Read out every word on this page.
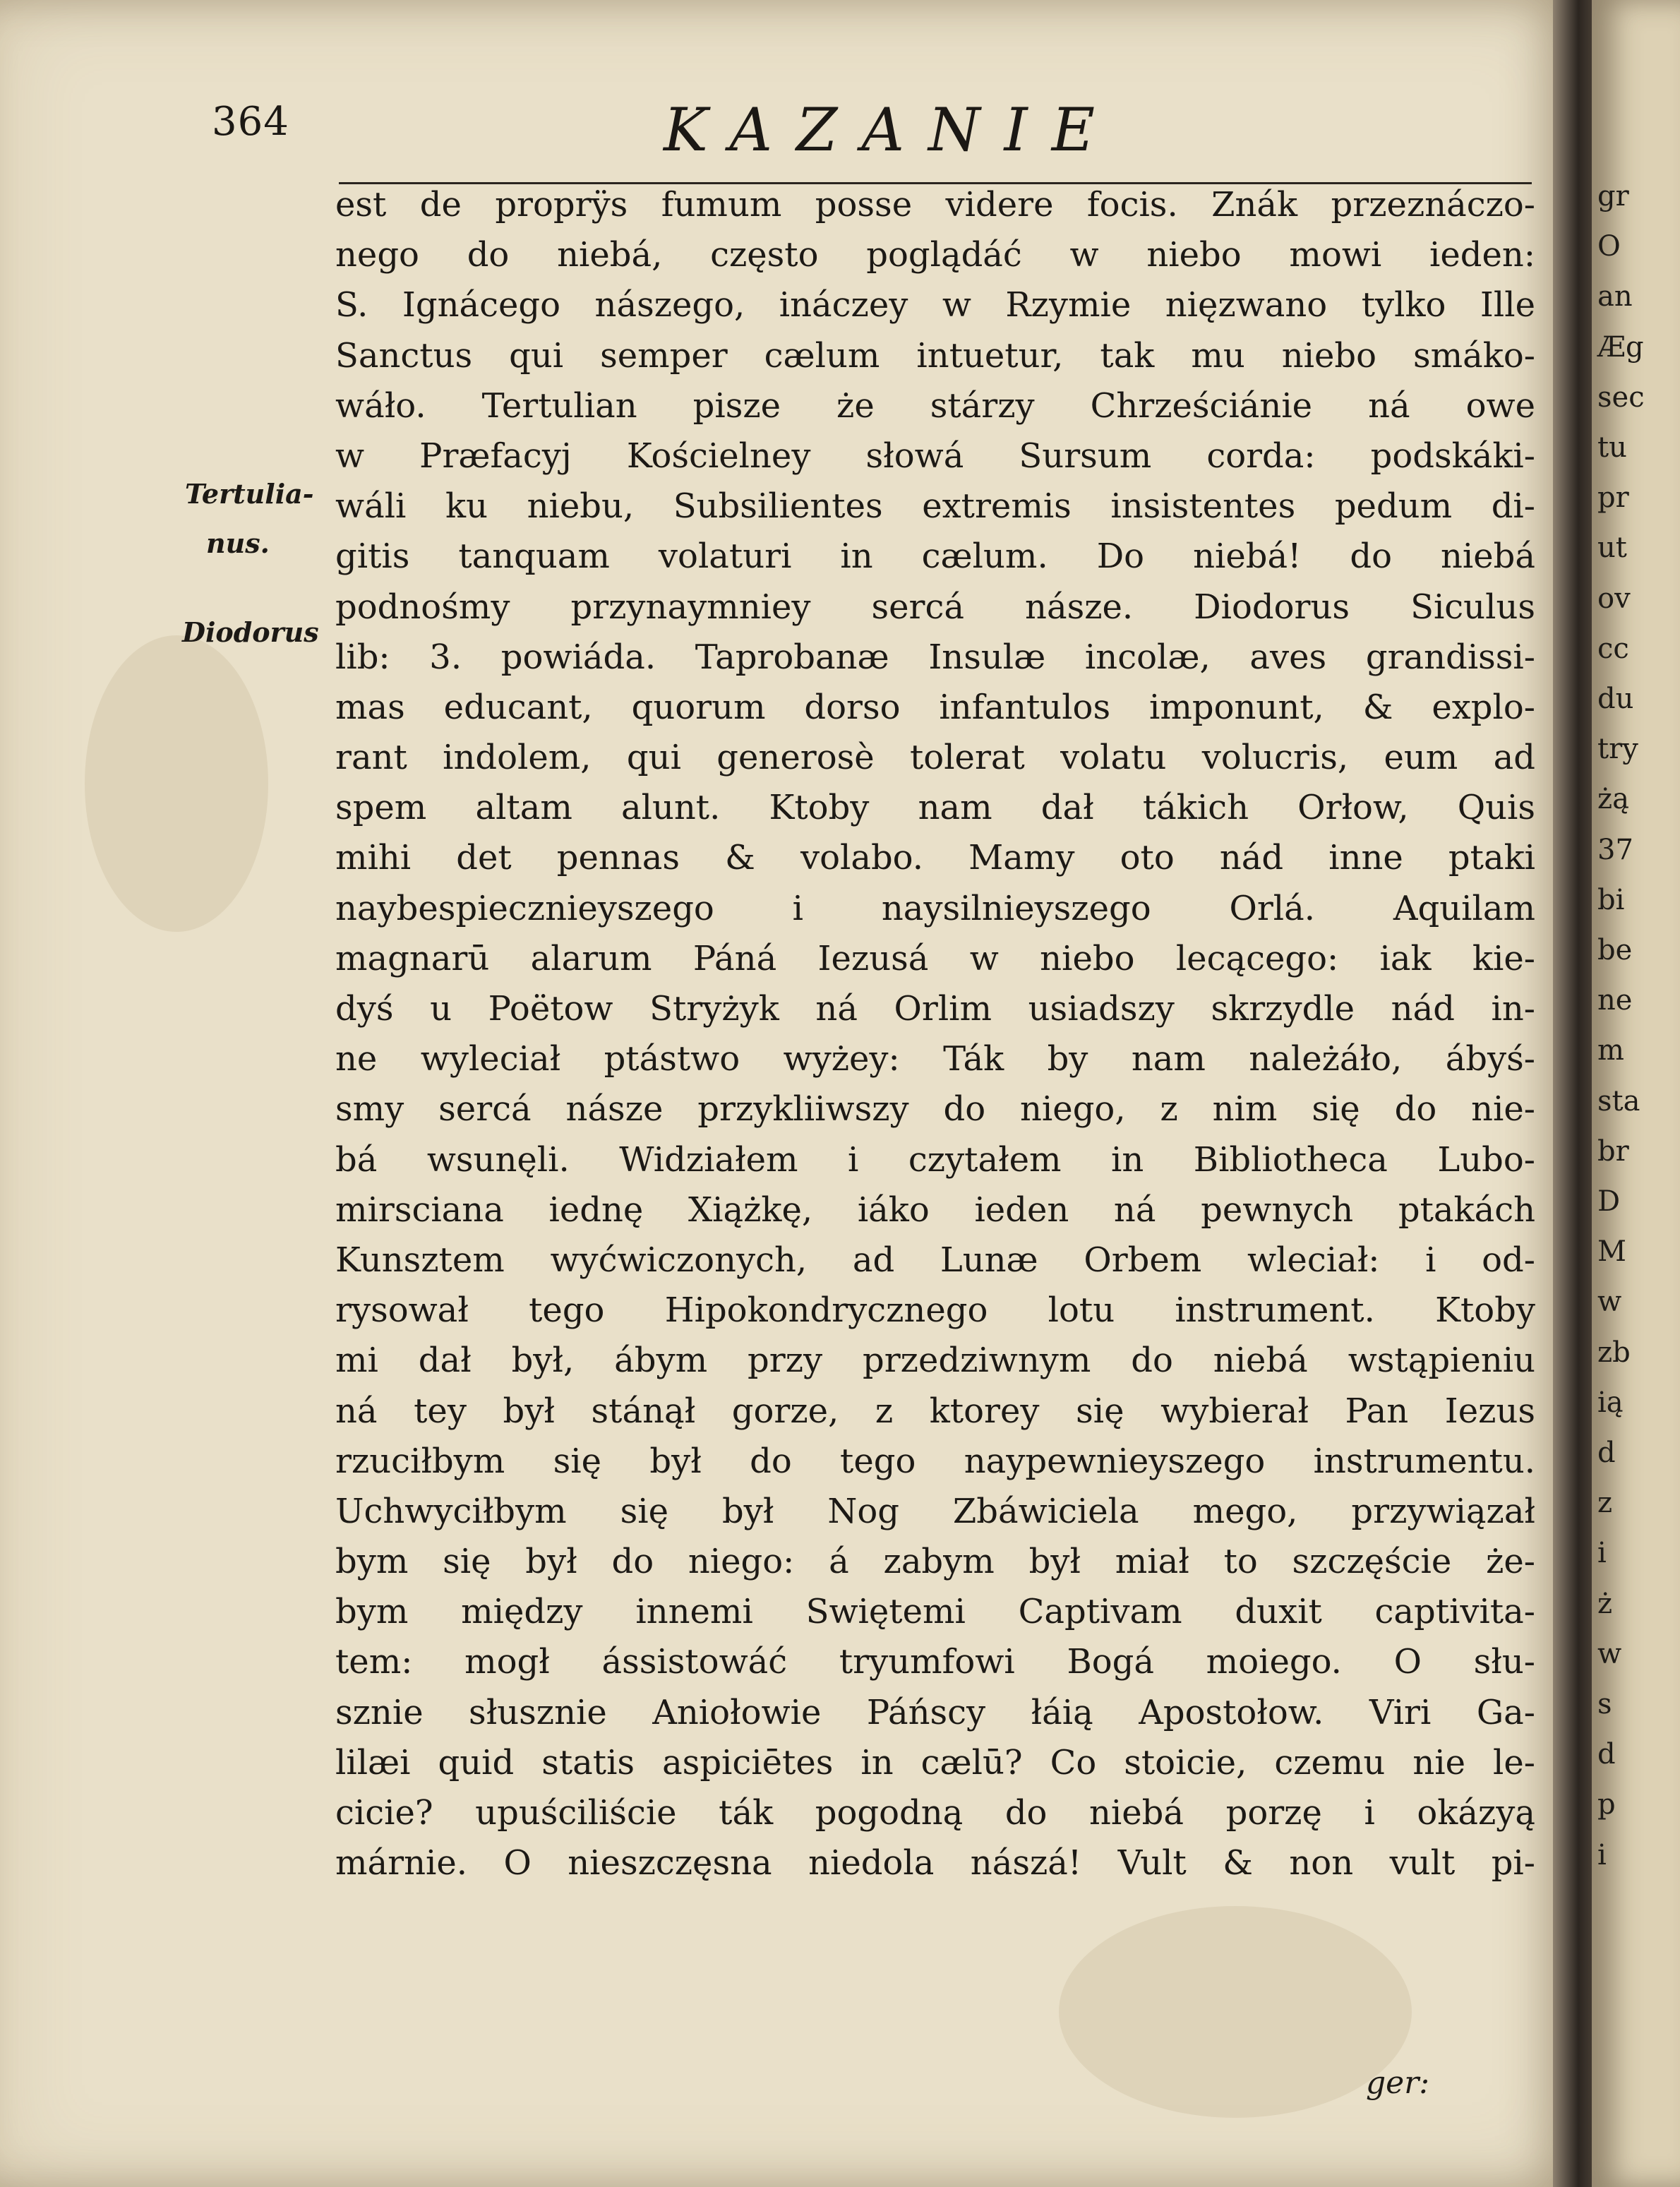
364	KAZANIE
Tertulia-
nus.
Diodorus
est de proprÿs fumum posse videre focis. Znák przeznáczo-
nego do niebá, często poglądáć w niebo mowi ieden:
S. Ignácego nászego, ináczey w Rzymie nięzwano tylko Ille
Sanctus qui semper cælum intuetur, tak mu niebo smáko-
wáło. Tertulian pisze że stárzy Chrześciánie ná owe
w Præfacyj Kościelney słowá Sursum corda: podskáki-
wáli ku niebu, Subsilientes extremis insistentes pedum di-
gitis tanquam volaturi in cælum. Do niebá! do niebá
podnośmy przynaymniey sercá násze. Diodorus Siculus
lib: 3. powiáda. Taprobanæ Insulæ incolæ, aves grandissi-
mas educant, quorum dorso infantulos imponunt, & explo-
rant indolem, qui generosè tolerat volatu volucris, eum ad
spem altam alunt. Ktoby nam dał tákich Orłow, Quis
mihi det pennas & volabo. Mamy oto nád inne ptaki
naybespiecznieyszego i naysilnieyszego Orlá. Aquilam
magnarū alarum Páná Iezusá w niebo lecącego: iak kie-
dyś u Poëtow Stryżyk ná Orlim usiadszy skrzydle nád in-
ne wyleciał ptástwo wyżey: Ták by nam należáło, ábyś-
smy sercá násze przykliiwszy do niego, z nim się do nie-
bá wsunęli. Widziałem i czytałem in Bibliotheca Lubo-
mirsciana iednę Xiążkę, iáko ieden ná pewnych ptakách
Kunsztem wyćwiczonych, ad Lunæ Orbem wleciał: i od-
rysował tego Hipokondrycznego lotu instrument. Ktoby
mi dał był, ábym przy przedziwnym do niebá wstąpieniu
ná tey był stánął gorze, z ktorey się wybierał Pan Iezus
rzuciłbym się był do tego naypewnieyszego instrumentu.
Uchwyciłbym się był Nog Zbáwiciela mego, przywiązał
bym się był do niego: á zabym był miał to szczęście że-
bym między innemi Swiętemi Captivam duxit captivita-
tem: mogł ássistowáć tryumfowi Bogá moiego. O słu-
sznie słusznie Aniołowie Páńscy łáią Apostołow. Viri Ga-
lilæi quid statis aspiciētes in cælū? Co stoicie, czemu nie le-
cicie? upuściliście ták pogodną do niebá porzę i okázyą
márnie. O nieszczęsna niedola nászá! Vult & non vult pi-
ger:
gr
O
an
Æg
sec
tu
pr
ut
ov
cc
du
try
żą
37
bi
be
ne
m
sta
br
D
M
w
zb
ią
d
z
i
ż
w
s
d
p
i
